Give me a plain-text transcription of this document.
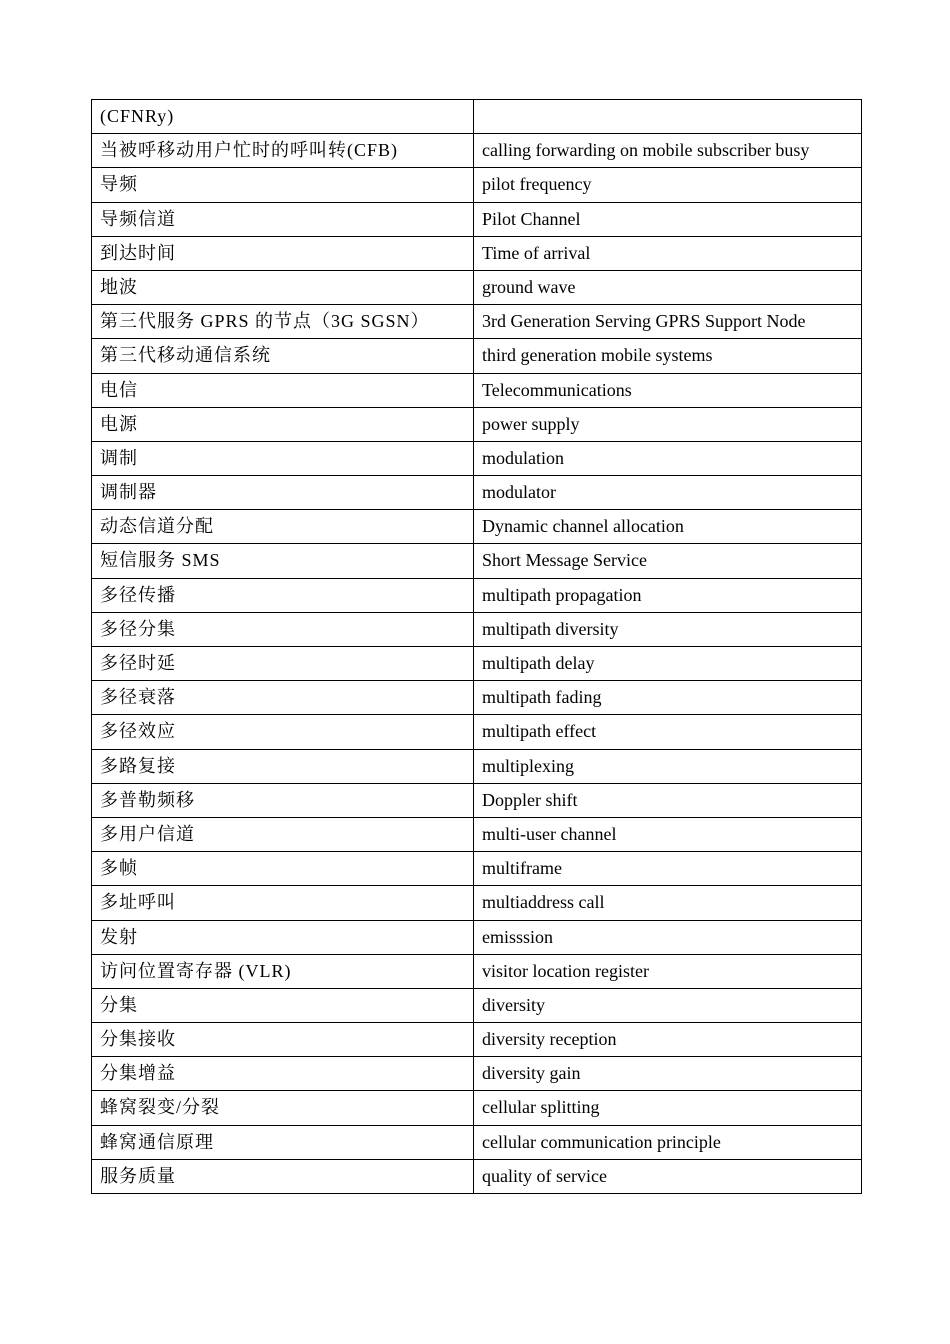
(CFNRy)	
当被呼移动用户忙时的呼叫转(CFB)	calling forwarding on mobile subscriber busy
导频	pilot frequency
导频信道	Pilot Channel
到达时间	Time of arrival
地波	ground wave
第三代服务 GPRS 的节点（3G SGSN）	3rd Generation Serving GPRS Support Node
第三代移动通信系统	third generation mobile systems
电信	Telecommunications
电源	power supply
调制	modulation
调制器	modulator
动态信道分配	Dynamic channel allocation
短信服务 SMS	Short Message Service
多径传播	multipath propagation
多径分集	multipath diversity
多径时延	multipath delay
多径衰落	multipath fading
多径效应	multipath effect
多路复接	multiplexing
多普勒频移	Doppler shift
多用户信道	multi-user channel
多帧	multiframe
多址呼叫	multiaddress call
发射	emisssion
访问位置寄存器 (VLR)	visitor location register
分集	diversity
分集接收	diversity reception
分集增益	diversity gain
蜂窝裂变/分裂	cellular splitting
蜂窝通信原理	cellular communication principle
服务质量	quality of service
